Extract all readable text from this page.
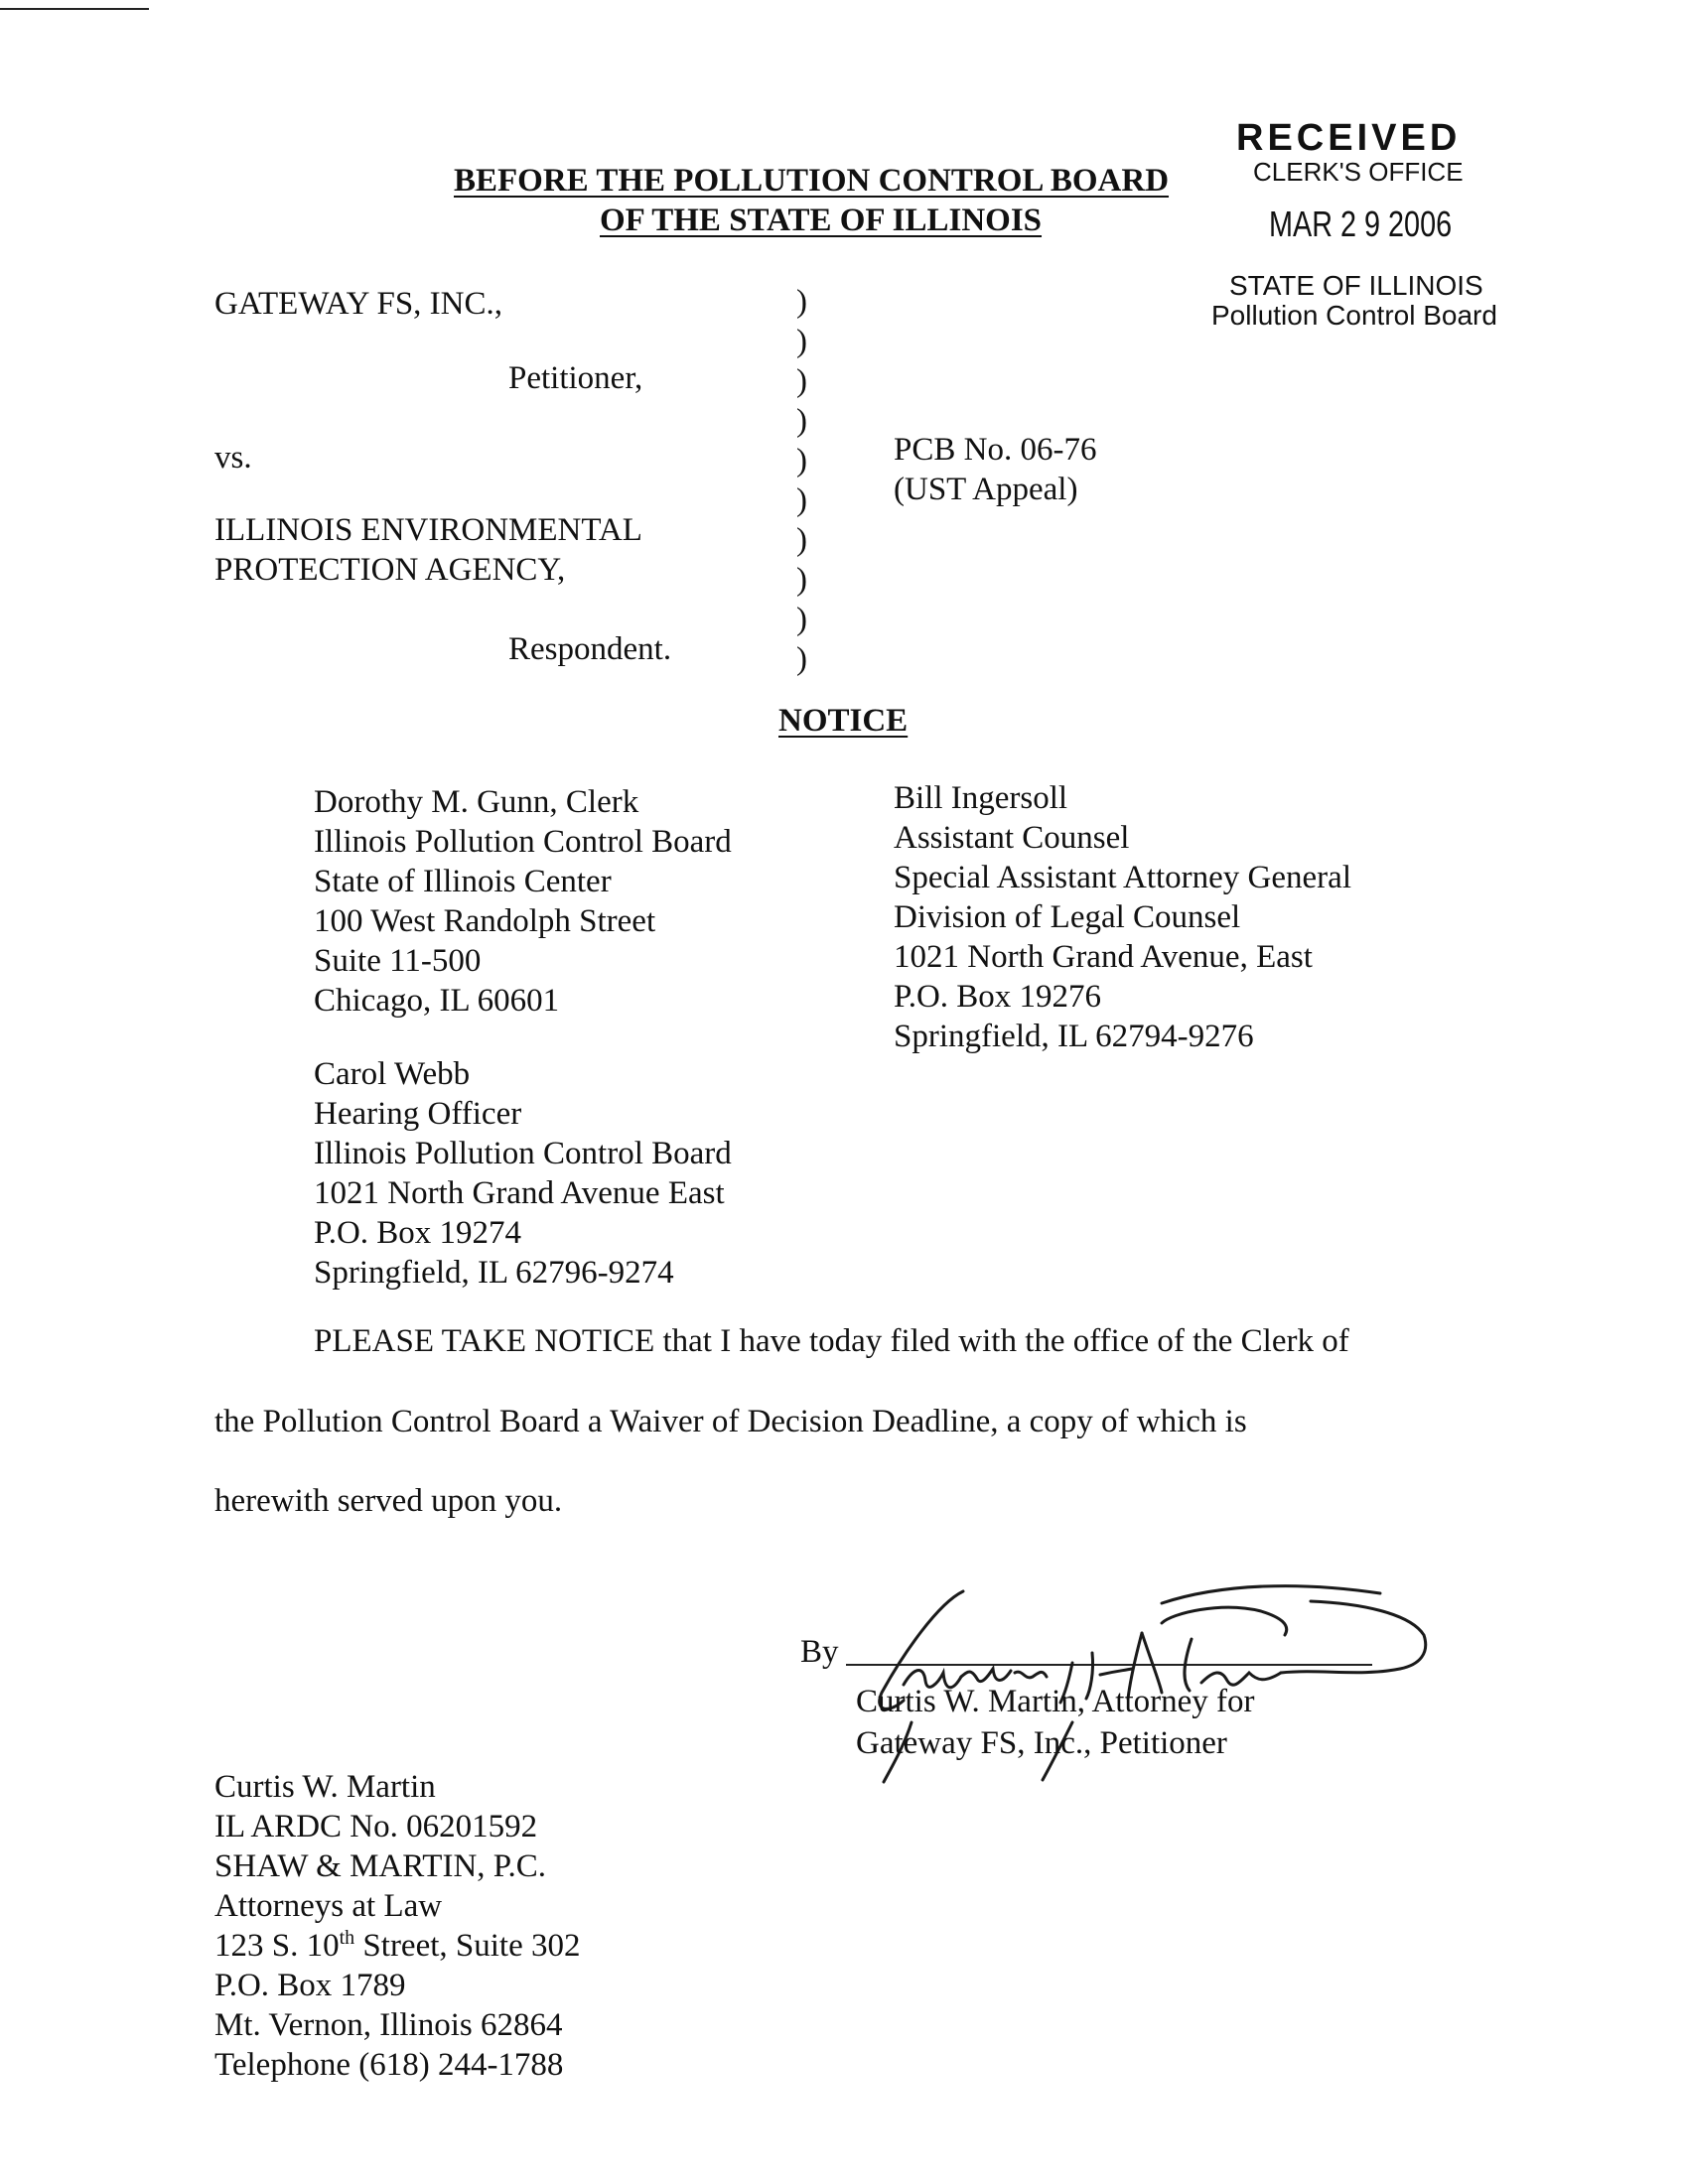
RECEIVED
CLERK'S OFFICE
MAR 2 9 2006
STATE OF ILLINOIS
Pollution Control Board
BEFORE THE POLLUTION CONTROL BOARD
OF THE STATE OF ILLINOIS
GATEWAY FS, INC.,
Petitioner,
vs.
ILLINOIS ENVIRONMENTAL
PROTECTION AGENCY,
Respondent.
)
)
)
)
)
)
)
)
)
)
PCB No. 06-76
(UST Appeal)
NOTICE
Dorothy M. Gunn, Clerk
Illinois Pollution Control Board
State of Illinois Center
100 West Randolph Street
Suite 11-500
Chicago, IL 60601
Bill Ingersoll
Assistant Counsel
Special Assistant Attorney General
Division of Legal Counsel
1021 North Grand Avenue, East
P.O. Box 19276
Springfield, IL 62794-9276
Carol Webb
Hearing Officer
Illinois Pollution Control Board
1021 North Grand Avenue East
P.O. Box 19274
Springfield, IL 62796-9274
PLEASE TAKE NOTICE that I have today filed with the office of the Clerk of
the Pollution Control Board a Waiver of Decision Deadline, a copy of which is
herewith served upon you.
By
Curtis W. Martin, Attorney for
Gateway FS, Inc., Petitioner
Curtis W. Martin
IL ARDC No. 06201592
SHAW & MARTIN, P.C.
Attorneys at Law
123 S. 10th Street, Suite 302
P.O. Box 1789
Mt. Vernon, Illinois 62864
Telephone (618) 244-1788
